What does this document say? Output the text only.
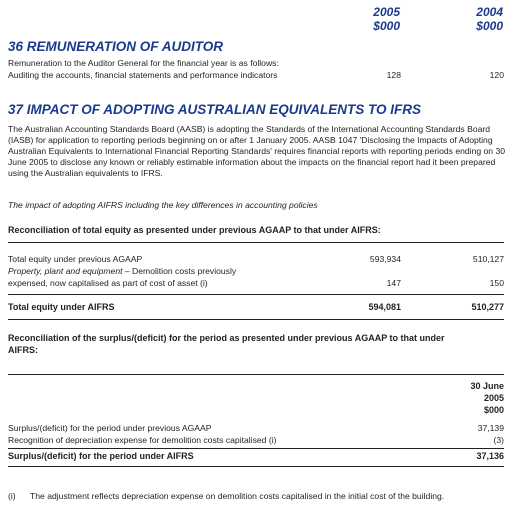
2005	2004
$000	$000
36 REMUNERATION OF AUDITOR
Remuneration to the Auditor General for the financial year is as follows:
Auditing the accounts, financial statements and performance indicators	128	120
37 IMPACT OF ADOPTING AUSTRALIAN EQUIVALENTS TO IFRS
The Australian Accounting Standards Board (AASB) is adopting the Standards of the International Accounting Standards Board (IASB) for application to reporting periods beginning on or after 1 January 2005. AASB 1047 'Disclosing the Impacts of Adopting Australian Equivalents to International Financial Reporting Standards' requires financial reports with reporting periods ending on 30 June 2005 to disclose any known or reliably estimable information about the impacts on the financial report had it been prepared using the Australian equivalents to IFRS.
The impact of adopting AIFRS including the key differences in accounting policies
Reconciliation of total equity as presented under previous AGAAP to that under AIFRS:
Total equity under previous AGAAP	593,934	510,127
Property, plant and equipment – Demolition costs previously
expensed, now capitalised as part of cost of asset (i)	147	150
Total equity under AIFRS	594,081	510,277
Reconciliation of the surplus/(deficit) for the period as presented under previous AGAAP to that under
AIFRS:
30 June
2005
$000
Surplus/(deficit) for the period under previous AGAAP	37,139
Recognition of depreciation expense for demolition costs capitalised (i)	(3)
Surplus/(deficit) for the period under AIFRS	37,136
(i) The adjustment reflects depreciation expense on demolition costs capitalised in the initial cost of the building.
